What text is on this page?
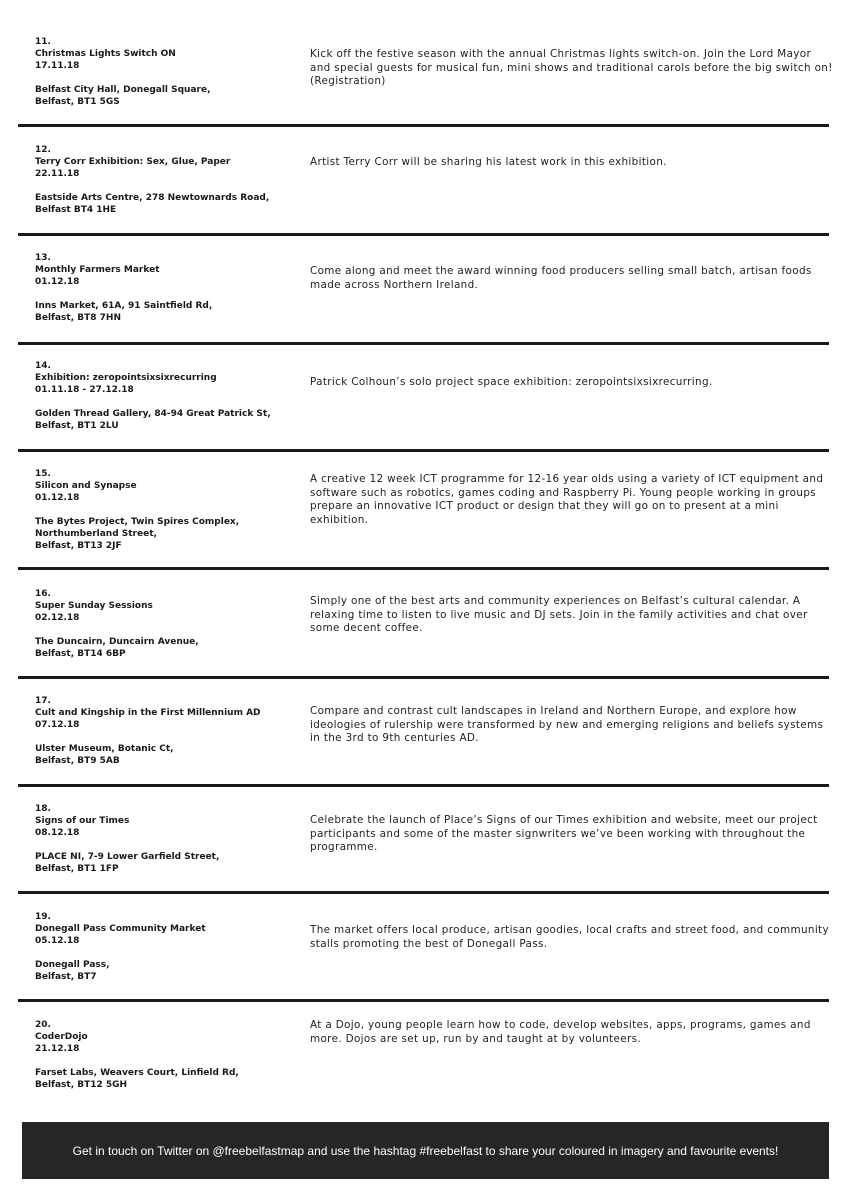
11.
Christmas Lights Switch ON
17.11.18
Belfast City Hall, Donegall Square,
Belfast, BT1 5GS
Kick off the festive season with the annual Christmas lights switch-on. Join the Lord Mayor and special guests for musical fun, mini shows and traditional carols before the big switch on! (Registration)
12.
Terry Corr Exhibition: Sex, Glue, Paper
22.11.18
Eastside Arts Centre, 278 Newtownards Road,
Belfast BT4 1HE
Artist Terry Corr will be sharing his latest work in this exhibition.
13.
Monthly Farmers Market
01.12.18
Inns Market, 61A, 91 Saintfield Rd,
Belfast, BT8 7HN
Come along and meet the award winning food producers selling small batch, artisan foods made across Northern Ireland.
14.
Exhibition: zeropointsixsixrecurring
01.11.18 - 27.12.18
Golden Thread Gallery, 84-94 Great Patrick St,
Belfast, BT1 2LU
Patrick Colhoun’s solo project space exhibition: zeropointsixsixrecurring.
15.
Silicon and Synapse
01.12.18
The Bytes Project, Twin Spires Complex,
Northumberland Street,
Belfast, BT13 2JF
A creative 12 week ICT programme for 12-16 year olds using a variety of ICT equipment and software such as robotics, games coding and Raspberry Pi. Young people working in groups prepare an innovative ICT product or design that they will go on to present at a mini exhibition.
16.
Super Sunday Sessions
02.12.18
The Duncairn, Duncairn Avenue,
Belfast, BT14 6BP
Simply one of the best arts and community experiences on Belfast’s cultural calendar. A relaxing time to listen to live music and DJ sets. Join in the family activities and chat over some decent coffee.
17.
Cult and Kingship in the First Millennium AD
07.12.18
Ulster Museum, Botanic Ct,
Belfast, BT9 5AB
Compare and contrast cult landscapes in Ireland and Northern Europe, and explore how ideologies of rulership were transformed by new and emerging religions and beliefs systems in the 3rd to 9th centuries AD.
18.
Signs of our Times
08.12.18
PLACE NI, 7-9 Lower Garfield Street,
Belfast, BT1 1FP
Celebrate the launch of Place’s Signs of our Times exhibition and website, meet our project participants and some of the master signwriters we’ve been working with throughout the programme.
19.
Donegall Pass Community Market
05.12.18
Donegall Pass,
Belfast, BT7
The market offers local produce, artisan goodies, local crafts and street food, and community stalls promoting the best of Donegall Pass.
20.
CoderDojo
21.12.18
Farset Labs, Weavers Court, Linfield Rd,
Belfast, BT12 5GH
At a Dojo, young people learn how to code, develop websites, apps, programs, games and more. Dojos are set up, run by and taught at by volunteers.
Get in touch on Twitter on @freebelfastmap and use the hashtag #freebelfast to share your coloured in imagery and favourite events!
